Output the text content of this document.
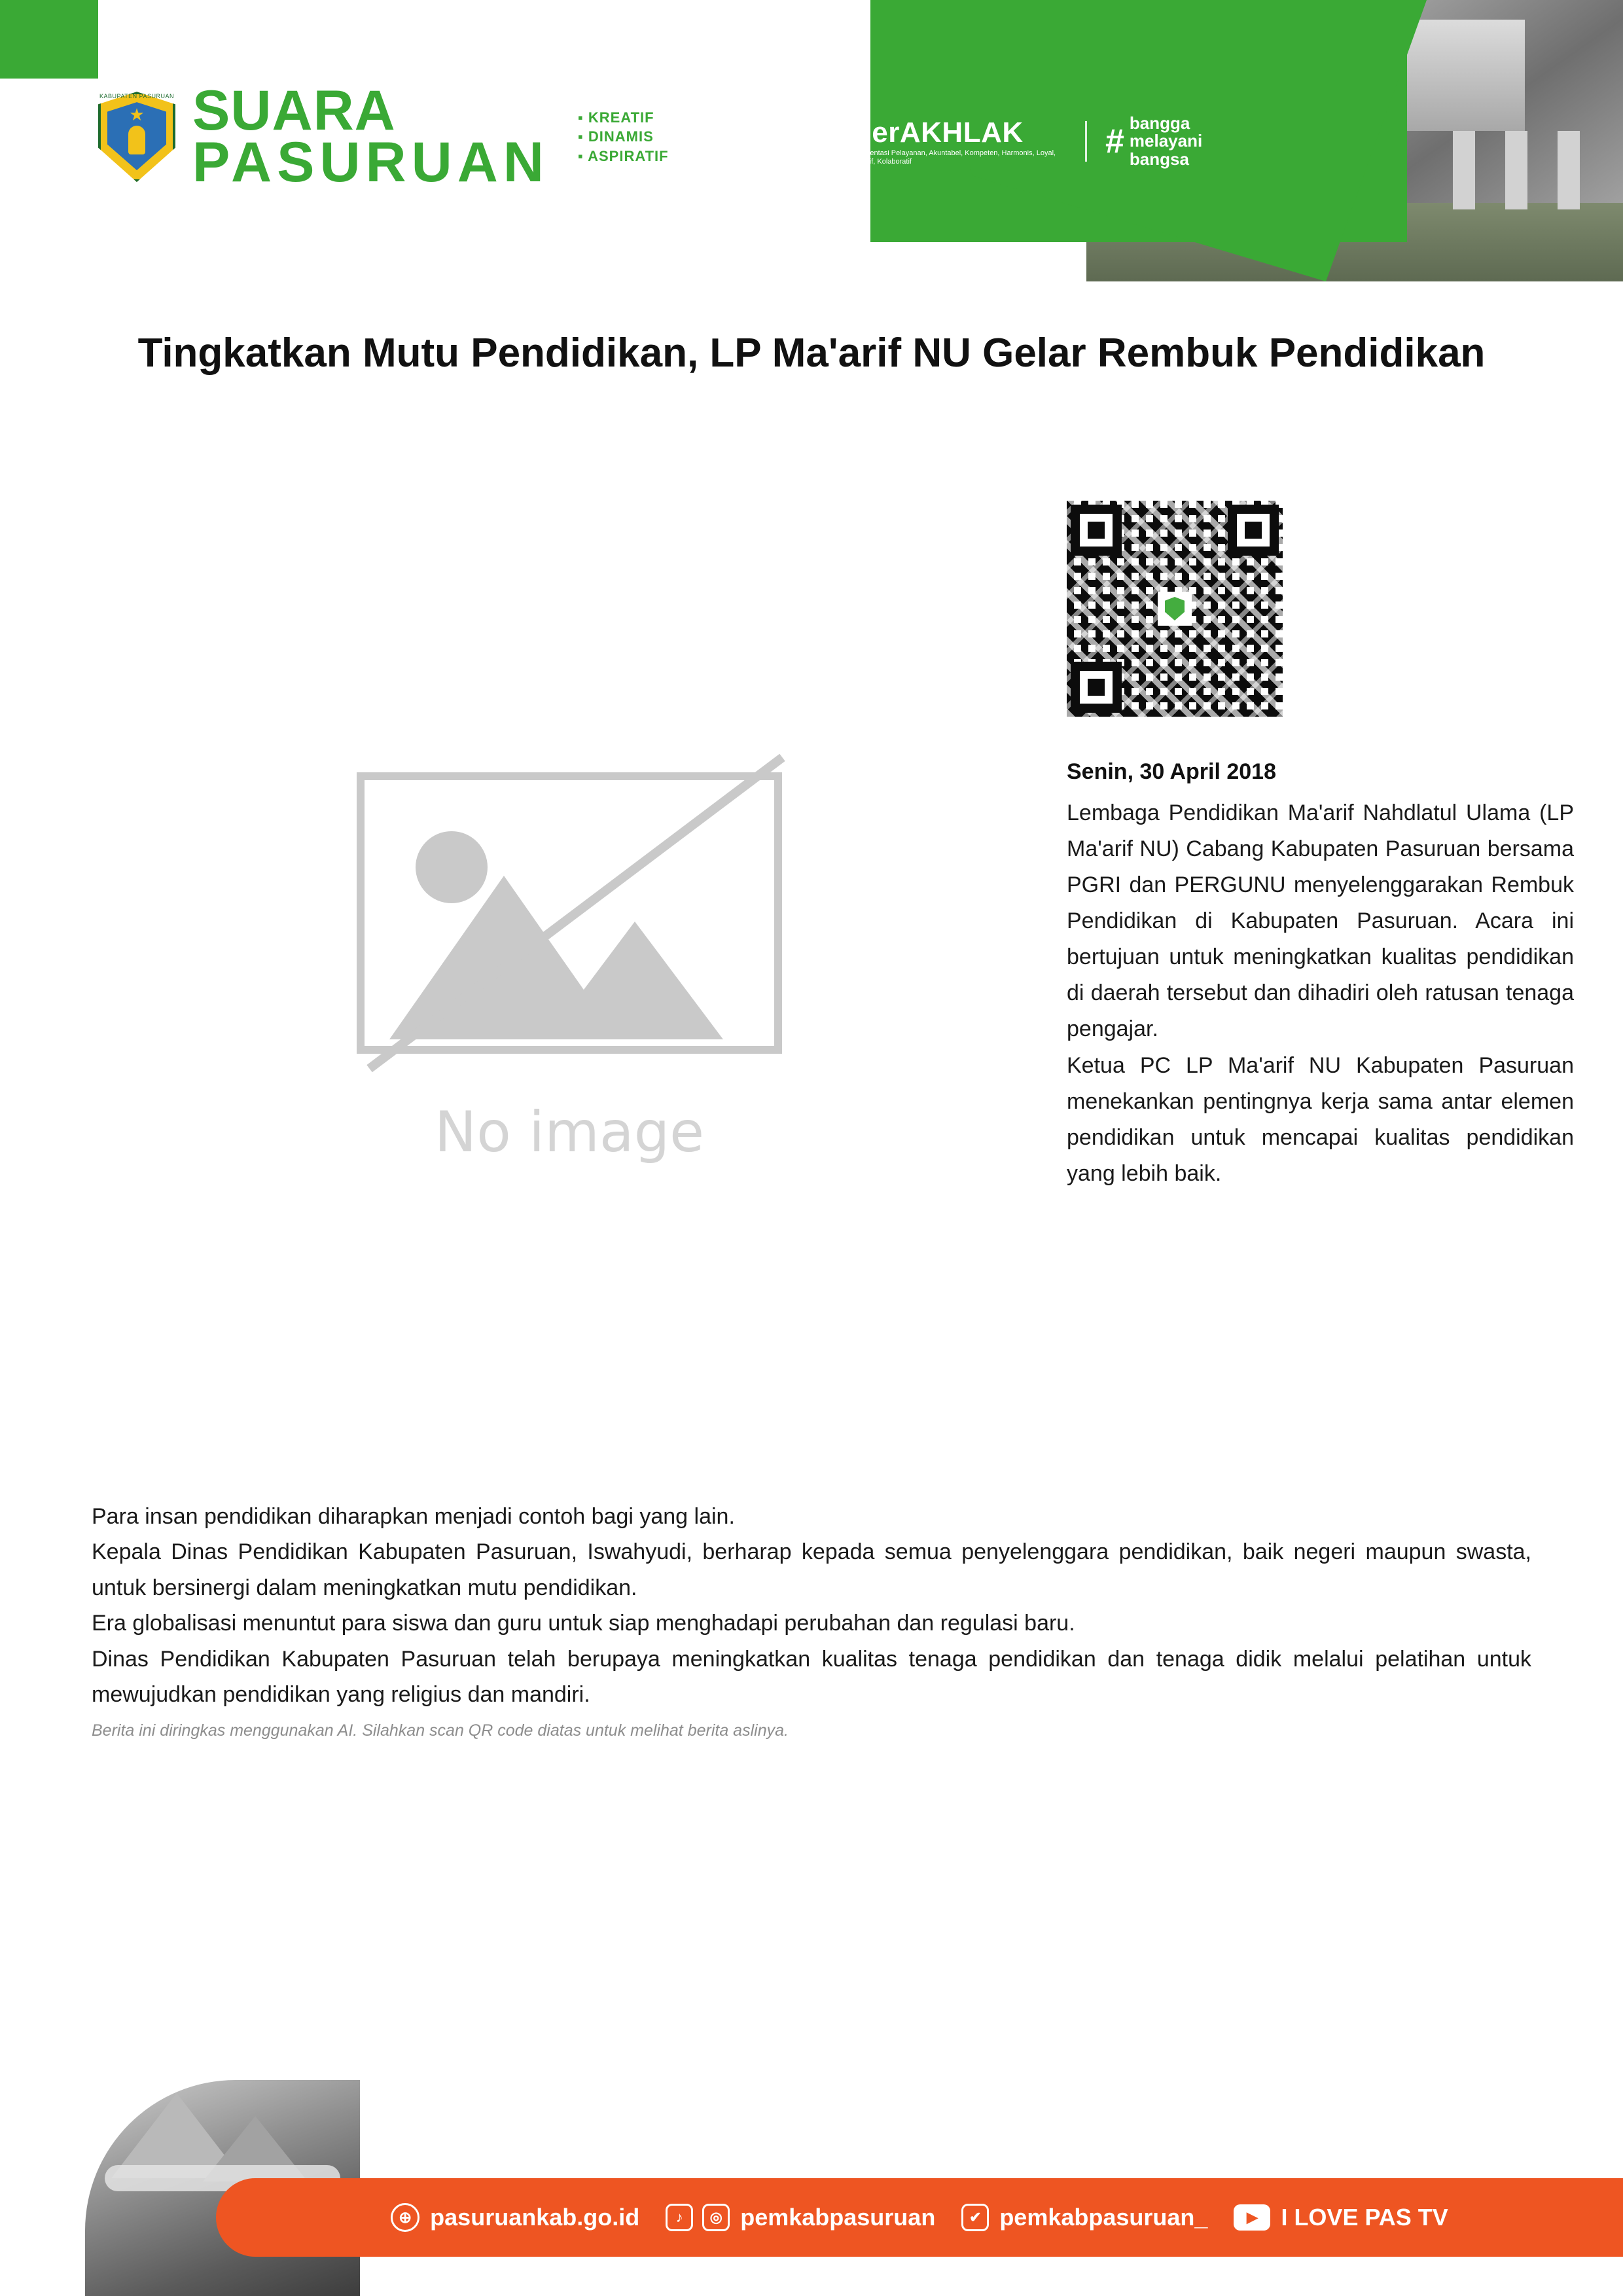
KABUPATEN PASURUAN
★ SUARA
PASURUAN
▪ KREATIF
▪ DINAMIS
▪ ASPIRATIF
BerAKHLAK
Berorientasi Pelayanan, Akuntabel, Kompeten, Harmonis, Loyal, Adaptif, Kolaboratif
# bangga
melayani
bangsa
Tingkatkan Mutu Pendidikan, LP Ma'arif NU Gelar Rembuk Pendidikan
No image
Senin, 30 April 2018

Lembaga Pendidikan Ma'arif Nahdlatul Ulama (LP Ma'arif NU) Cabang Kabupaten Pasuruan bersama PGRI dan PERGUNU menyelenggarakan Rembuk Pendidikan di Kabupaten Pasuruan. Acara ini bertujuan untuk meningkatkan kualitas pendidikan di daerah tersebut dan dihadiri oleh ratusan tenaga pengajar.

Ketua PC LP Ma'arif NU Kabupaten Pasuruan menekankan pentingnya kerja sama antar elemen pendidikan untuk mencapai kualitas pendidikan yang lebih baik.

Para insan pendidikan diharapkan menjadi contoh bagi yang lain.

Kepala Dinas Pendidikan Kabupaten Pasuruan, Iswahyudi, berharap kepada semua penyelenggara pendidikan, baik negeri maupun swasta, untuk bersinergi dalam meningkatkan mutu pendidikan.

Era globalisasi menuntut para siswa dan guru untuk siap menghadapi perubahan dan regulasi baru.

Dinas Pendidikan Kabupaten Pasuruan telah berupaya meningkatkan kualitas tenaga pendidikan dan tenaga didik melalui pelatihan untuk mewujudkan pendidikan yang religius dan mandiri.

Berita ini diringkas menggunakan AI. Silahkan scan QR code diatas untuk melihat berita aslinya.
⊕ pasuruankab.go.id	♪	◎ pemkabpasuruan	✔ pemkabpasuruan_	▶ I LOVE PAS TV
